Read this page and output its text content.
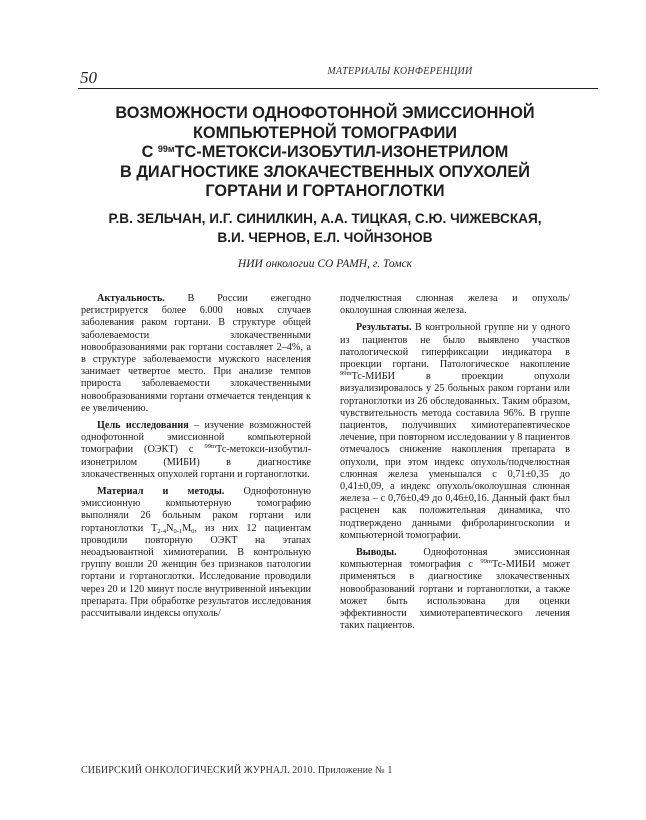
50	МАТЕРИАЛЫ КОНФЕРЕНЦИИ
ВОЗМОЖНОСТИ ОДНОФОТОННОЙ ЭМИССИОННОЙ
КОМПЬЮТЕРНОЙ ТОМОГРАФИИ
С $^{99м}$ТС-МЕТОКСИ-ИЗОБУТИЛ-ИЗОНЕТРИЛОМ
В ДИАГНОСТИКЕ ЗЛОКАЧЕСТВЕННЫХ ОПУХОЛЕЙ
ГОРТАНИ И ГОРТАНОГЛОТКИ
Р.В. ЗЕЛЬЧАН, И.Г. СИНИЛКИН, А.А. ТИЦКАЯ, С.Ю. ЧИЖЕВСКАЯ,
В.И. ЧЕРНОВ, Е.Л. ЧОЙНЗОНОВ
НИИ онкологии СО РАМН, г. Томск

Актуальность. В России ежегодно регистрируется более 6.000 новых случаев заболевания раком гортани. В структуре общей заболеваемости злокачественными новообразованиями рак гортани составляет 2–4%, а в структуре заболеваемости мужского населения занимает четвертое место. При анализе темпов прироста заболеваемости злокачественными новообразованиями гортани отмечается тенденция к ее увеличению.

Цель исследования – изучение возможностей однофотонной эмиссионной компьютерной томографии (ОЭКТ) с $^{99m}$Тс-метокси-изобутил-изонетрилом (МИБИ) в диагностике злокачественных опухолей гортани и гортаноглотки.

Материал и методы. Однофотонную эмиссионную компьютерную томографию выполняли 26 больным раком гортани или гортаноглотки $T_{2-4}N_{0-1}M_0$, из них 12 пациентам проводили повторную ОЭКТ на этапах неоадъювантной химиотерапии. В контрольную группу вошли 20 женщин без признаков патологии гортани и гортаноглотки. Исследование проводили через 20 и 120 минут после внутривенной инъекции препарата. При обработке результатов исследования рассчитывали индексы опухоль/

подчелюстная слюнная железа и опухоль/околоушная слюнная железа.

Результаты. В контрольной группе ни у одного из пациентов не было выявлено участков патологической гиперфиксации индикатора в проекции гортани. Патологическое накопление $^{99m}$Тс-МИБИ в проекции опухоли визуализировалось у 25 больных раком гортани или гортаноглотки из 26 обследованных. Таким образом, чувствительность метода составила 96%. В группе пациентов, получивших химиотерапевтическое лечение, при повторном исследовании у 8 пациентов отмечалось снижение накопления препарата в опухоли, при этом индекс опухоль/подчелюстная слюнная железа уменьшался с 0,71±0,35 до 0,41±0,09, а индекс опухоль/околоушная слюнная железа – с 0,76±0,49 до 0,46±0,16. Данный факт был расценен как положительная динамика, что подтверждено данными фиброларингоскопии и компьютерной томографии.

Выводы. Однофотонная эмиссионная компьютерная томография с $^{99m}$Тс-МИБИ может применяться в диагностике злокачественных новообразований гортани и гортаноглотки, а также может быть использована для оценки эффективности химиотерапевтического лечения таких пациентов.

СИБИРСКИЙ ОНКОЛОГИЧЕСКИЙ ЖУРНАЛ. 2010. Приложение № 1
